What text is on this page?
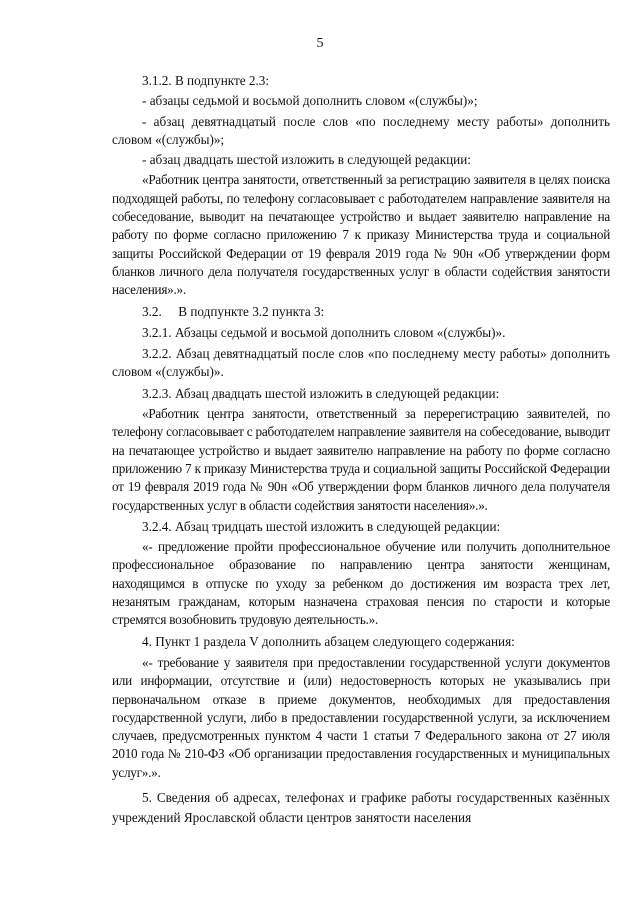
5

3.1.2. В подпункте 2.3:

- абзацы седьмой и восьмой дополнить словом «(службы)»;

- абзац девятнадцатый после слов «по последнему месту работы» дополнить словом «(службы)»;

- абзац двадцать шестой изложить в следующей редакции:

«Работник центра занятости, ответственный за регистрацию заявителя в целях поиска подходящей работы, по телефону согласовывает с работодателем направление заявителя на собеседование, выводит на печатающее устройство и выдает заявителю направление на работу по форме согласно приложению 7 к приказу Министерства труда и социальной защиты Российской Федерации от 19 февраля 2019 года № 90н «Об утверждении форм бланков личного дела получателя государственных услуг в области содействия занятости населения».».

3.2.     В подпункте 3.2 пункта 3:

3.2.1. Абзацы седьмой и восьмой дополнить словом «(службы)».

3.2.2. Абзац девятнадцатый после слов «по последнему месту работы» дополнить словом «(службы)».

3.2.3. Абзац двадцать шестой изложить в следующей редакции:

«Работник центра занятости, ответственный за перерегистрацию заявителей, по телефону согласовывает с работодателем направление заявителя на собеседование, выводит на печатающее устройство и выдает заявителю направление на работу по форме согласно приложению 7 к приказу Министерства труда и социальной защиты Российской Федерации от 19 февраля 2019 года № 90н «Об утверждении форм бланков личного дела получателя государственных услуг в области содействия занятости населения».».

3.2.4. Абзац тридцать шестой изложить в следующей редакции:

«- предложение пройти профессиональное обучение или получить дополнительное профессиональное образование по направлению центра занятости женщинам, находящимся в отпуске по уходу за ребенком до достижения им возраста трех лет, незанятым гражданам, которым назначена страховая пенсия по старости и которые стремятся возобновить трудовую деятельность.».

4. Пункт 1 раздела V дополнить абзацем следующего содержания:

«- требование у заявителя при предоставлении государственной услуги документов или информации, отсутствие и (или) недостоверность которых не указывались при первоначальном отказе в приеме документов, необходимых для предоставления государственной услуги, либо в предоставлении государственной услуги, за исключением случаев, предусмотренных пунктом 4 части 1 статьи 7 Федерального закона от 27 июля 2010 года № 210-ФЗ «Об организации предоставления государственных и муниципальных услуг».».

5. Сведения об адресах, телефонах и графике работы государственных казённых учреждений Ярославской области центров занятости населения
